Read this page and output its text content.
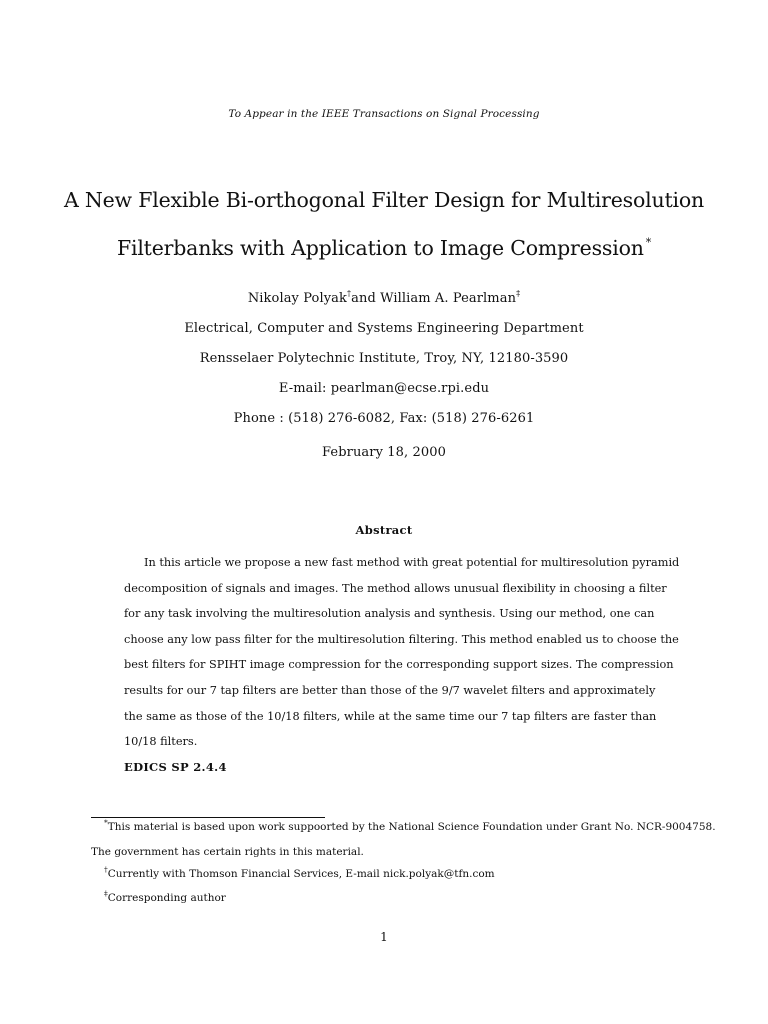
To Appear in the IEEE Transactions on Signal Processing
A New Flexible Bi-orthogonal Filter Design for Multiresolution
Filterbanks with Application to Image Compression *
Nikolay Polyak†and William A. Pearlman‡
Electrical, Computer and Systems Engineering Department
Rensselaer Polytechnic Institute, Troy, NY, 12180-3590
E-mail: pearlman@ecse.rpi.edu
Phone : (518) 276-6082, Fax: (518) 276-6261
February 18, 2000
Abstract
In this article we propose a new fast method with great potential for multiresolution pyramid
decomposition of signals and images. The method allows unusual flexibility in choosing a filter
for any task involving the multiresolution analysis and synthesis. Using our method, one can
choose any low pass filter for the multiresolution filtering. This method enabled us to choose the
best filters for SPIHT image compression for the corresponding support sizes. The compression
results for our 7 tap filters are better than those of the 9/7 wavelet filters and approximately
the same as those of the 10/18 filters, while at the same time our 7 tap filters are faster than
10/18 filters.
EDICS SP 2.4.4
*This material is based upon work suppoorted by the National Science Foundation under Grant No. NCR-9004758.
The government has certain rights in this material.
†Currently with Thomson Financial Services, E-mail nick.polyak@tfn.com
‡Corresponding author
1
